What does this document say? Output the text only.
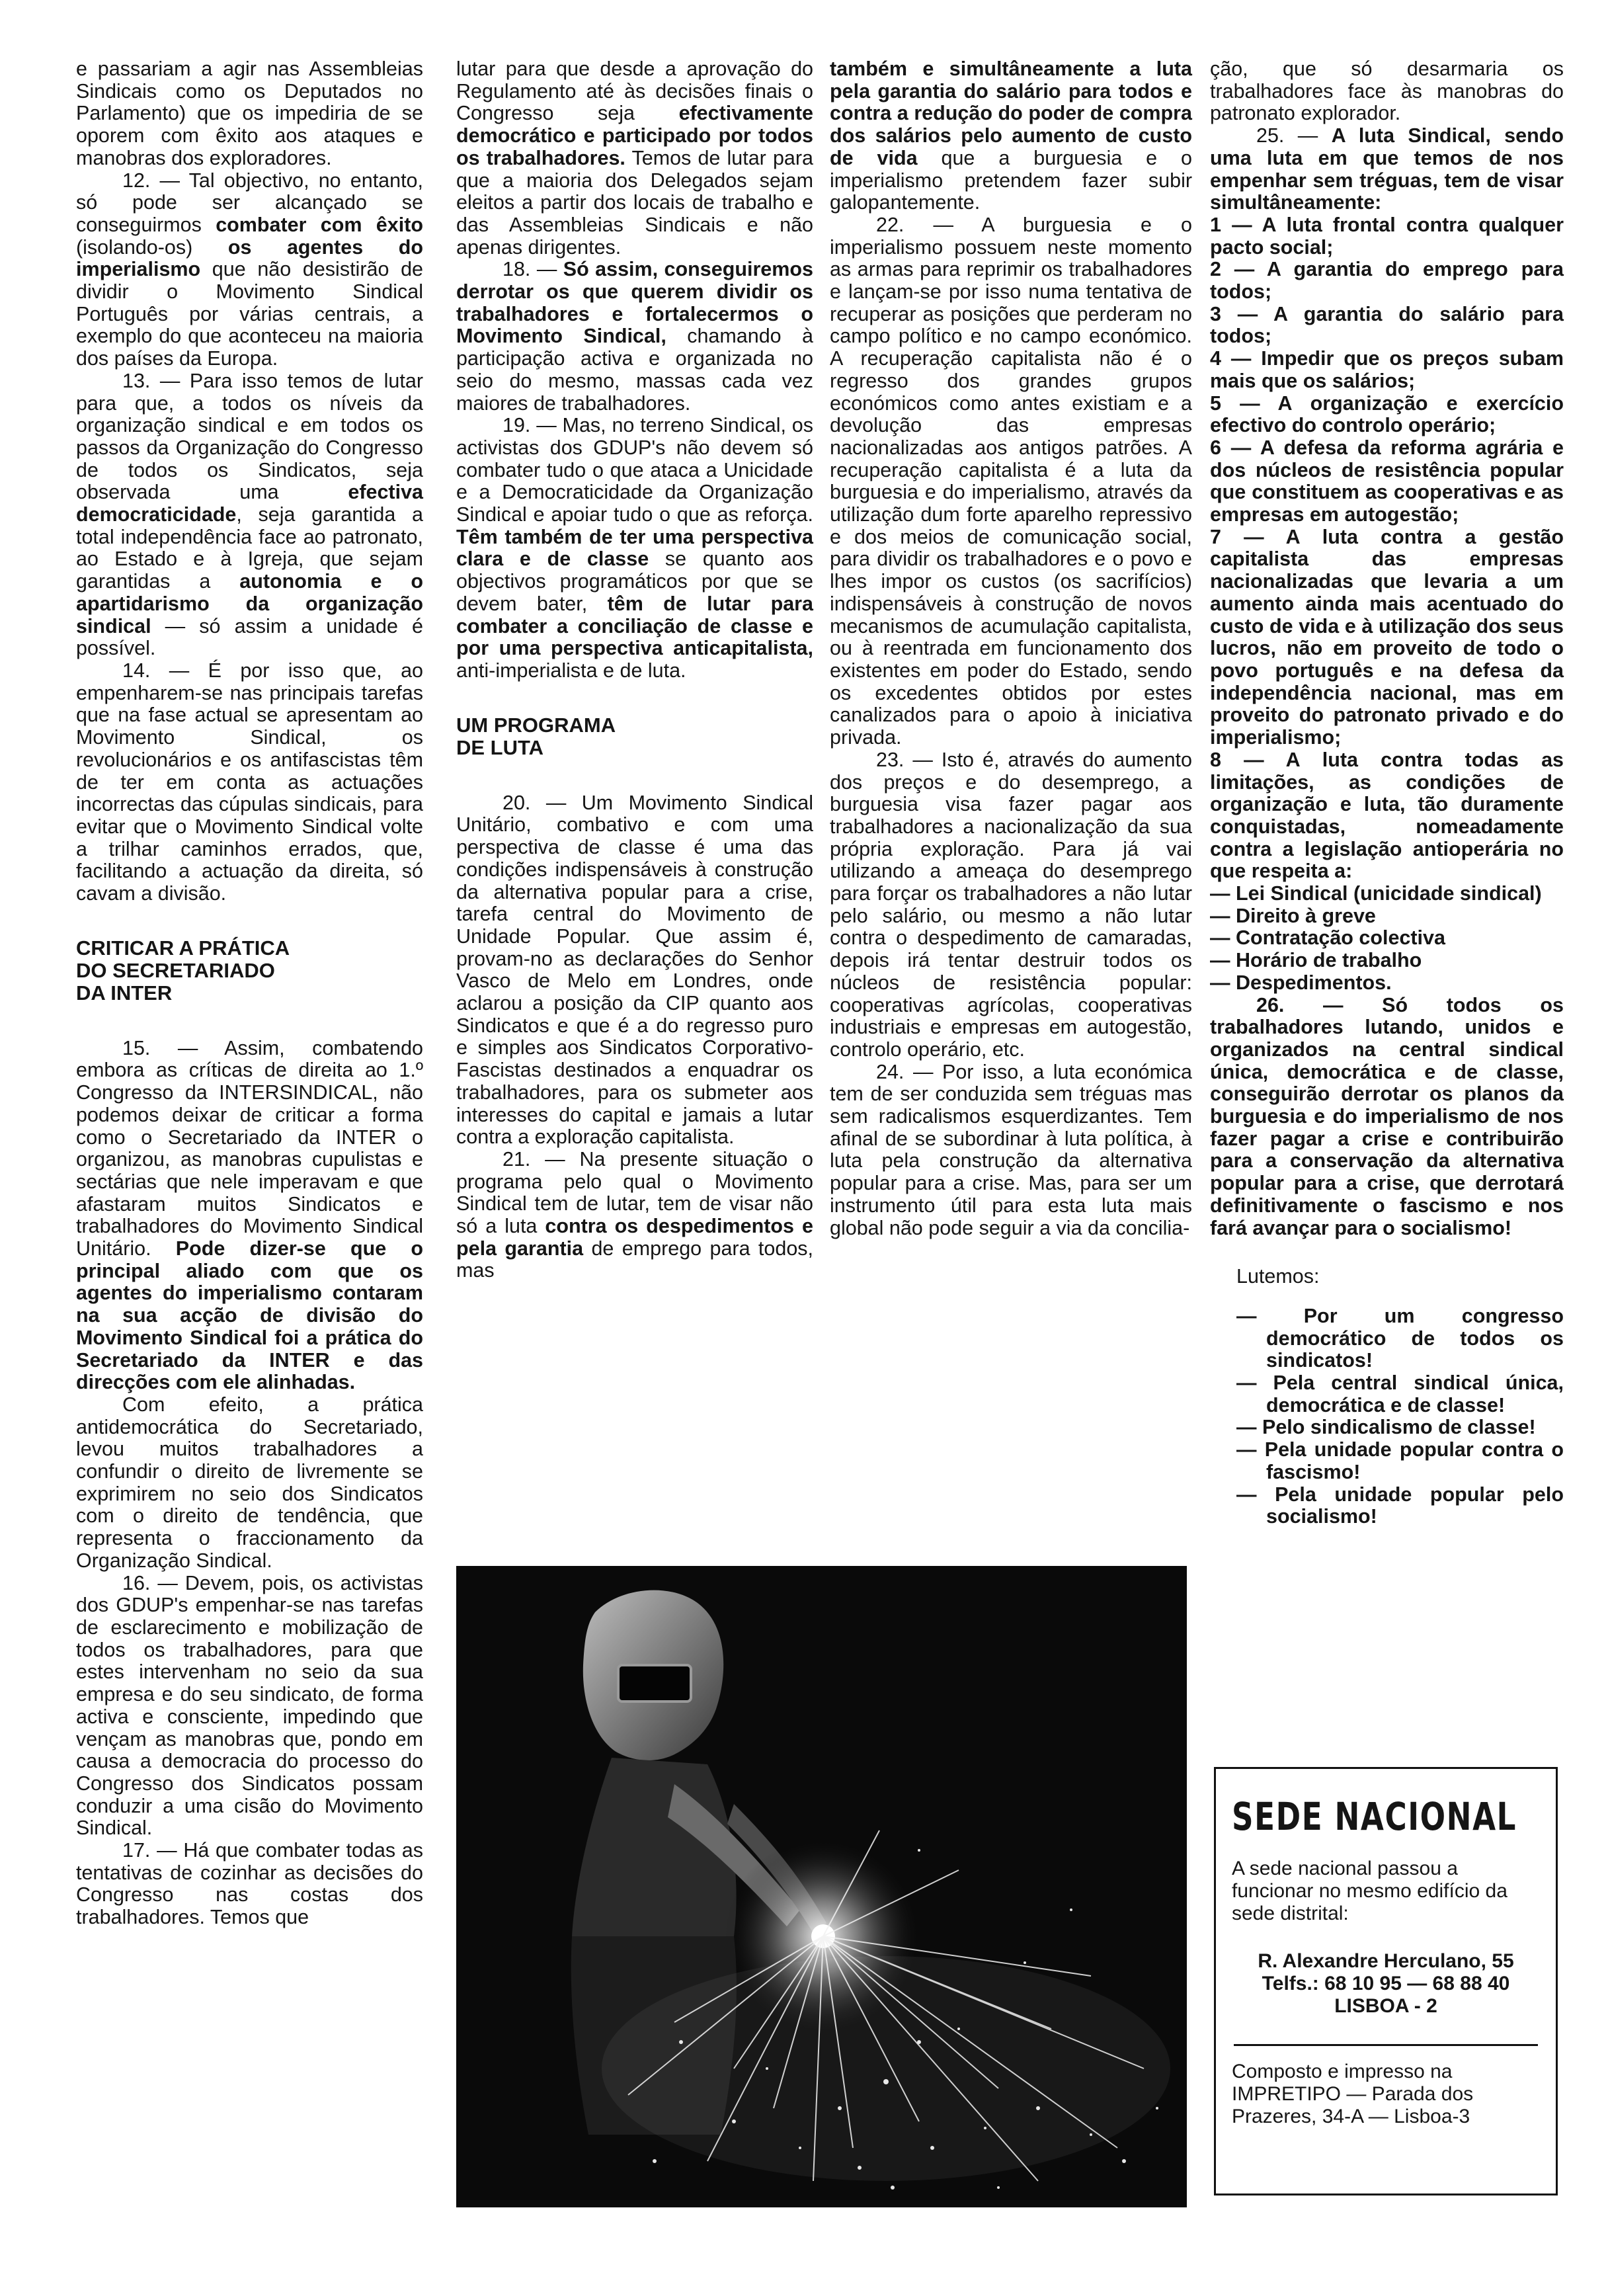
e passariam a agir nas Assembleias Sindicais como os Deputados no Parlamento) que os impediria de se oporem com êxito aos ataques e manobras dos exploradores.

12. — Tal objectivo, no entanto, só pode ser alcançado se conseguirmos combater com êxito (isolando-os) os agentes do imperialismo que não desistirão de dividir o Movimento Sindical Português por várias centrais, a exemplo do que aconteceu na maioria dos países da Europa.

13. — Para isso temos de lutar para que, a todos os níveis da organização sindical e em todos os passos da Organização do Congresso de todos os Sindicatos, seja observada uma efectiva democraticidade, seja garantida a total independência face ao patronato, ao Estado e à Igreja, que sejam garantidas a autonomia e o apartidarismo da organização sindical — só assim a unidade é possível.

14. — É por isso que, ao empenharem-se nas principais tarefas que na fase actual se apresentam ao Movimento Sindical, os revolucionários e os antifascistas têm de ter em conta as actuações incorrectas das cúpulas sindicais, para evitar que o Movimento Sindical volte a trilhar caminhos errados, que, facilitando a actuação da direita, só cavam a divisão.

CRITICAR A PRÁTICA
DO SECRETARIADO
DA INTER

15. — Assim, combatendo embora as críticas de direita ao 1.º Congresso da INTERSINDICAL, não podemos deixar de criticar a forma como o Secretariado da INTER o organizou, as manobras cupulistas e sectárias que nele imperavam e que afastaram muitos Sindicatos e trabalhadores do Movimento Sindical Unitário. Pode dizer-se que o principal aliado com que os agentes do imperialismo contaram na sua acção de divisão do Movimento Sindical foi a prática do Secretariado da INTER e das direcções com ele alinhadas.

Com efeito, a prática antidemocrática do Secretariado, levou muitos trabalhadores a confundir o direito de livremente se exprimirem no seio dos Sindicatos com o direito de tendência, que representa o fraccionamento da Organização Sindical.

16. — Devem, pois, os activistas dos GDUP's empenhar-se nas tarefas de esclarecimento e mobilização de todos os trabalhadores, para que estes intervenham no seio da sua empresa e do seu sindicato, de forma activa e consciente, impedindo que vençam as manobras que, pondo em causa a democracia do processo do Congresso dos Sindicatos possam conduzir a uma cisão do Movimento Sindical.

17. — Há que combater todas as tentativas de cozinhar as decisões do Congresso nas costas dos trabalhadores. Temos que

lutar para que desde a aprovação do Regulamento até às decisões finais o Congresso seja efectivamente democrático e participado por todos os trabalhadores. Temos de lutar para que a maioria dos Delegados sejam eleitos a partir dos locais de trabalho e das Assembleias Sindicais e não apenas dirigentes.

18. — Só assim, conseguiremos derrotar os que querem dividir os trabalhadores e fortalecermos o Movimento Sindical, chamando à participação activa e organizada no seio do mesmo, massas cada vez maiores de trabalhadores.

19. — Mas, no terreno Sindical, os activistas dos GDUP's não devem só combater tudo o que ataca a Unicidade e a Democraticidade da Organização Sindical e apoiar tudo o que as reforça. Têm também de ter uma perspectiva clara e de classe se quanto aos objectivos programáticos por que se devem bater, têm de lutar para combater a conciliação de classe e por uma perspectiva anticapitalista, anti-imperialista e de luta.

UM PROGRAMA
DE LUTA

20. — Um Movimento Sindical Unitário, combativo e com uma perspectiva de classe é uma das condições indispensáveis à construção da alternativa popular para a crise, tarefa central do Movimento de Unidade Popular. Que assim é, provam-no as declarações do Senhor Vasco de Melo em Londres, onde aclarou a posição da CIP quanto aos Sindicatos e que é a do regresso puro e simples aos Sindicatos Corporativo-Fascistas destinados a enquadrar os trabalhadores, para os submeter aos interesses do capital e jamais a lutar contra a exploração capitalista.

21. — Na presente situação o programa pelo qual o Movimento Sindical tem de lutar, tem de visar não só a luta contra os despedimentos e pela garantia de emprego para todos, mas

também e simultâneamente a luta pela garantia do salário para todos e contra a redução do poder de compra dos salários pelo aumento de custo de vida que a burguesia e o imperialismo pretendem fazer subir galopantemente.

22. — A burguesia e o imperialismo possuem neste momento as armas para reprimir os trabalhadores e lançam-se por isso numa tentativa de recuperar as posições que perderam no campo político e no campo económico. A recuperação capitalista não é o regresso dos grandes grupos económicos como antes existiam e a devolução das empresas nacionalizadas aos antigos patrões. A recuperação capitalista é a luta da burguesia e do imperialismo, através da utilização dum forte aparelho repressivo e dos meios de comunicação social, para dividir os trabalhadores e o povo e lhes impor os custos (os sacrifícios) indispensáveis à construção de novos mecanismos de acumulação capitalista, ou à reentrada em funcionamento dos existentes em poder do Estado, sendo os excedentes obtidos por estes canalizados para o apoio à iniciativa privada.

23. — Isto é, através do aumento dos preços e do desemprego, a burguesia visa fazer pagar aos trabalhadores a nacionalização da sua própria exploração. Para já vai utilizando a ameaça do desemprego para forçar os trabalhadores a não lutar pelo salário, ou mesmo a não lutar contra o despedimento de camaradas, depois irá tentar destruir todos os núcleos de resistência popular: cooperativas agrícolas, cooperativas industriais e empresas em autogestão, controlo operário, etc.

24. — Por isso, a luta económica tem de ser conduzida sem tréguas mas sem radicalismos esquerdizantes. Tem afinal de se subordinar à luta política, à luta pela construção da alternativa popular para a crise. Mas, para ser um instrumento útil para esta luta mais global não pode seguir a via da concilia-

ção, que só desarmaria os trabalhadores face às manobras do patronato explorador.

25. — A luta Sindical, sendo uma luta em que temos de nos empenhar sem tréguas, tem de visar simultâneamente:

1 — A luta frontal contra qualquer pacto social;
2 — A garantia do emprego para todos;
3 — A garantia do salário para todos;
4 — Impedir que os preços subam mais que os salários;
5 — A organização e exercício efectivo do controlo operário;
6 — A defesa da reforma agrária e dos núcleos de resistência popular que constituem as cooperativas e as empresas em autogestão;
7 — A luta contra a gestão capitalista das empresas nacionalizadas que levaria a um aumento ainda mais acentuado do custo de vida e à utilização dos seus lucros, não em proveito de todo o povo português e na defesa da independência nacional, mas em proveito do patronato privado e do imperialismo;
8 — A luta contra todas as limitações, as condições de organização e luta, tão duramente conquistadas, nomeadamente contra a legislação antioperária no que respeita a:
— Lei Sindical (unicidade sindical)
— Direito à greve
— Contratação colectiva
— Horário de trabalho
— Despedimentos.

26. — Só todos os trabalhadores lutando, unidos e organizados na central sindical única, democrática e de classe, conseguirão derrotar os planos da burguesia e do imperialismo de nos fazer pagar a crise e contribuirão para a conservação da alternativa popular para a crise, que derrotará definitivamente o fascismo e nos fará avançar para o socialismo!

Lutemos:
— Por um congresso democrático de todos os sindicatos!
— Pela central sindical única, democrática e de classe!
— Pelo sindicalismo de classe!
— Pela unidade popular contra o fascismo!
— Pela unidade popular pelo socialismo!
SEDE NACIONAL
A sede nacional passou a funcionar no mesmo edifício da sede distrital:
R. Alexandre Herculano, 55
Telfs.: 68 10 95 — 68 88 40
LISBOA - 2
Composto e impresso na IMPRETIPO — Parada dos Prazeres, 34-A — Lisboa-3
